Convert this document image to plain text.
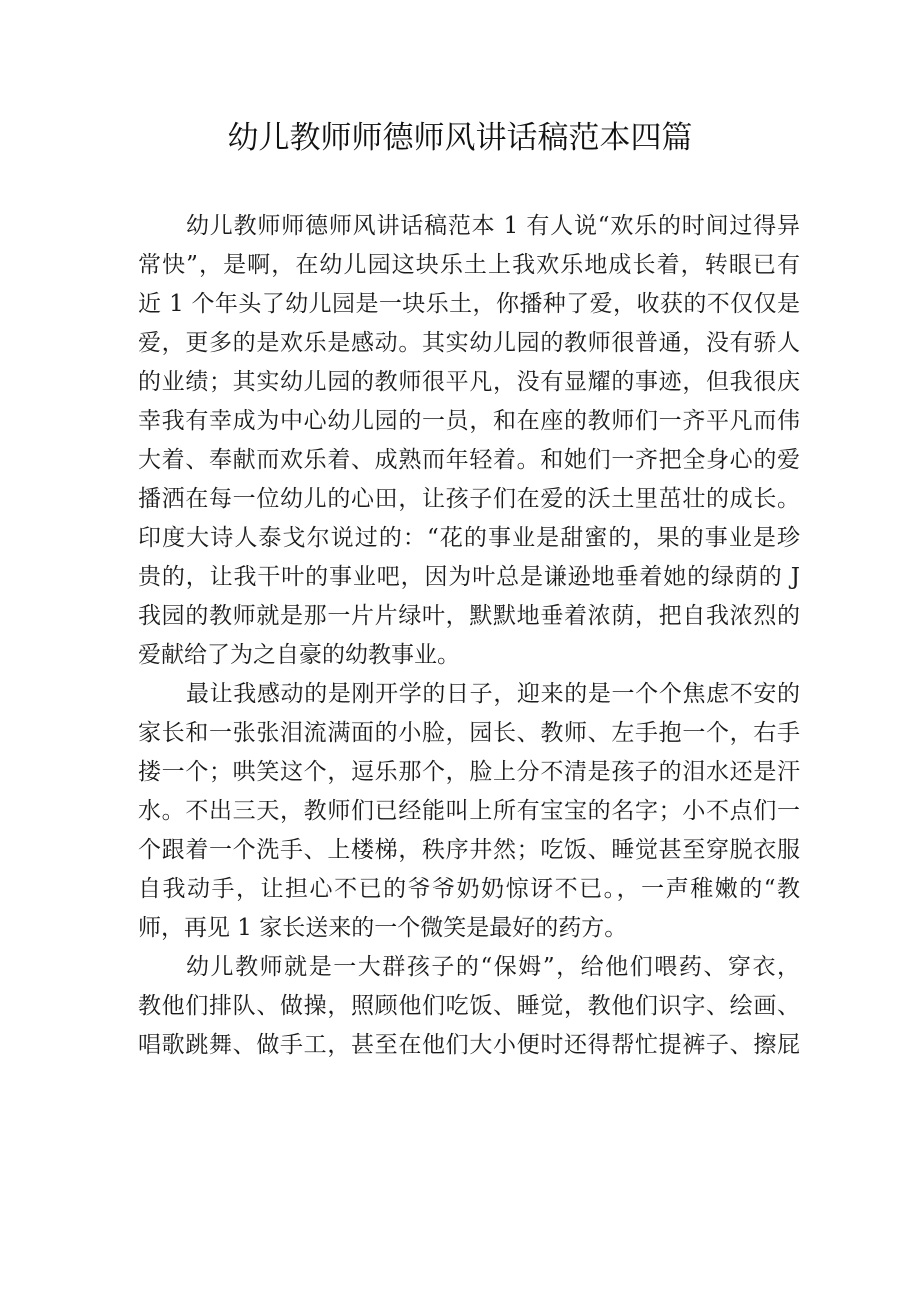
幼儿教师师德师风讲话稿范本四篇
幼儿教师师德师风讲话稿范本 1 有人说“欢乐的时间过得异
常快”，是啊，在幼儿园这块乐土上我欢乐地成长着，转眼已有
近 1 个年头了幼儿园是一块乐土，你播种了爱，收获的不仅仅是
爱，更多的是欢乐是感动。其实幼儿园的教师很普通，没有骄人
的业绩；其实幼儿园的教师很平凡，没有显耀的事迹，但我很庆
幸我有幸成为中心幼儿园的一员，和在座的教师们一齐平凡而伟
大着、奉献而欢乐着、成熟而年轻着。和她们一齐把全身心的爱
播洒在每一位幼儿的心田，让孩子们在爱的沃土里茁壮的成长。
印度大诗人泰戈尔说过的：“花的事业是甜蜜的，果的事业是珍
贵的，让我干叶的事业吧，因为叶总是谦逊地垂着她的绿荫的 J
我园的教师就是那一片片绿叶，默默地垂着浓荫，把自我浓烈的
爱献给了为之自豪的幼教事业。
最让我感动的是刚开学的日子，迎来的是一个个焦虑不安的
家长和一张张泪流满面的小脸，园长、教师、左手抱一个，右手
搂一个；哄笑这个，逗乐那个，脸上分不清是孩子的泪水还是汗
水。不出三天，教师们已经能叫上所有宝宝的名字；小不点们一
个跟着一个洗手、上楼梯，秩序井然；吃饭、睡觉甚至穿脱衣服
自我动手，让担心不已的爷爷奶奶惊讶不已。，一声稚嫩的“教
师，再见 1 家长送来的一个微笑是最好的药方。
幼儿教师就是一大群孩子的“保姆”，给他们喂药、穿衣，
教他们排队、做操，照顾他们吃饭、睡觉，教他们识字、绘画、
唱歌跳舞、做手工，甚至在他们大小便时还得帮忙提裤子、擦屁
